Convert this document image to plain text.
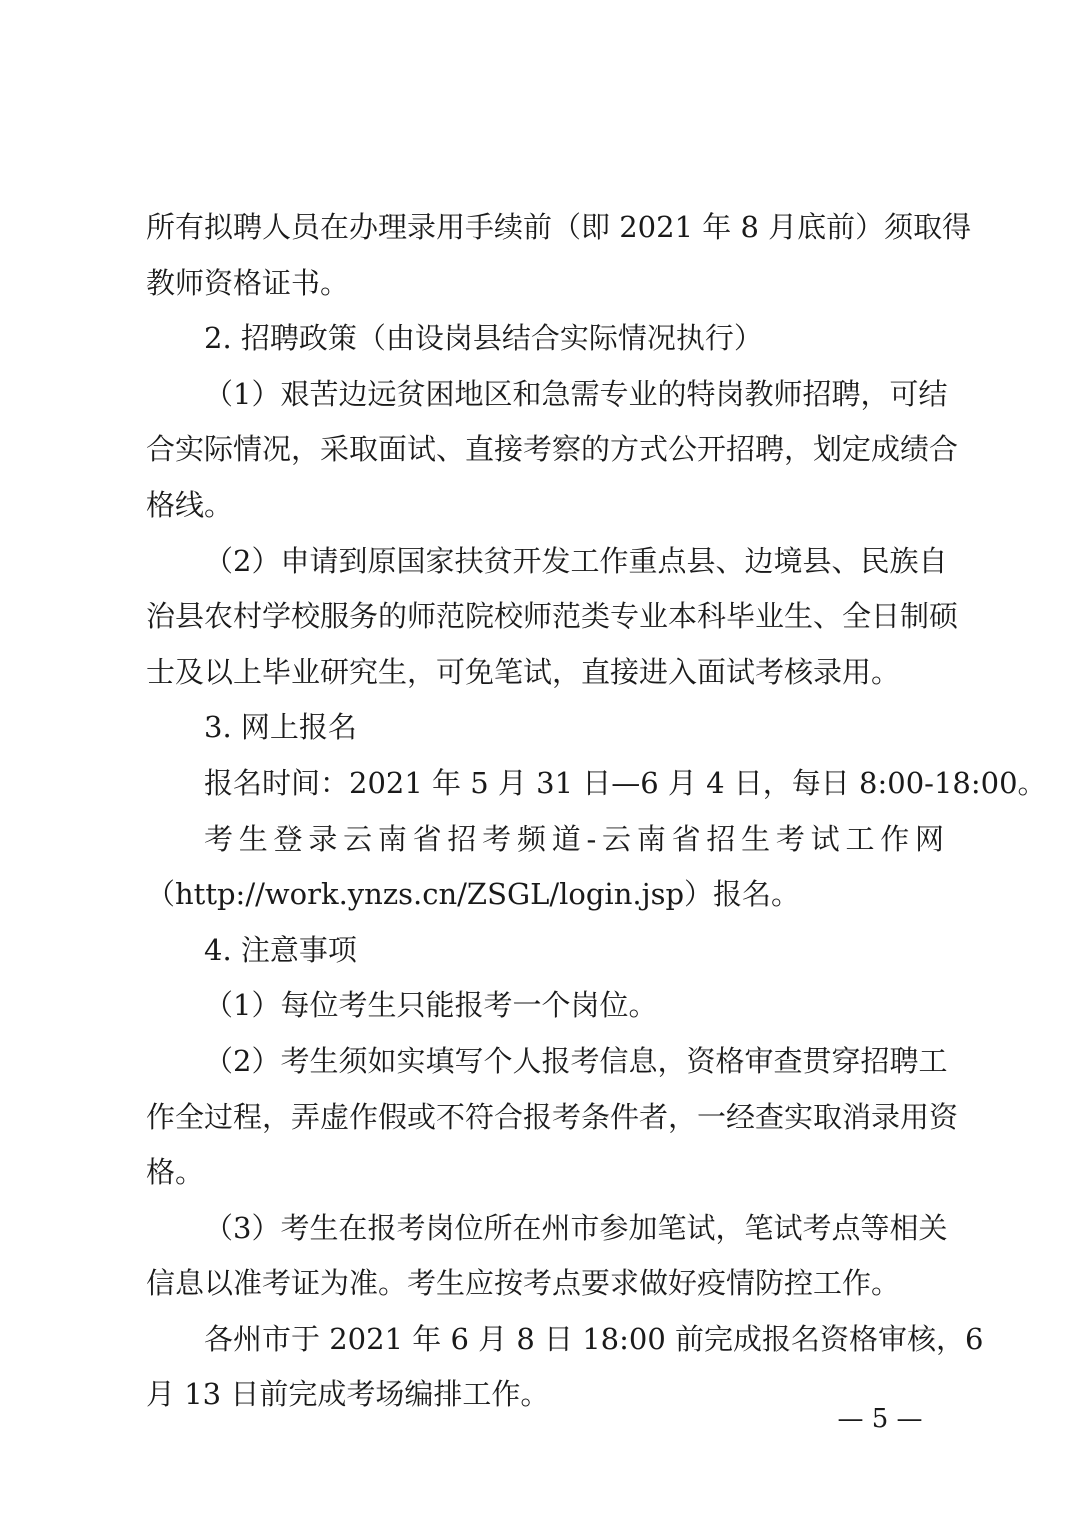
所有拟聘人员在办理录用手续前（即 2021 年 8 月底前）须取得
教师资格证书。
2. 招聘政策（由设岗县结合实际情况执行）
（1）艰苦边远贫困地区和急需专业的特岗教师招聘，可结
合实际情况，采取面试、直接考察的方式公开招聘，划定成绩合
格线。
（2）申请到原国家扶贫开发工作重点县、边境县、民族自
治县农村学校服务的师范院校师范类专业本科毕业生、全日制硕
士及以上毕业研究生，可免笔试，直接进入面试考核录用。
3. 网上报名
报名时间：2021 年 5 月 31 日—6 月 4 日，每日 8:00-18:00。
考生登录云南省招考频道-云南省招生考试工作网
（http://work.ynzs.cn/ZSGL/login.jsp）报名。
4. 注意事项
（1）每位考生只能报考一个岗位。
（2）考生须如实填写个人报考信息，资格审查贯穿招聘工
作全过程，弄虚作假或不符合报考条件者，一经查实取消录用资
格。
（3）考生在报考岗位所在州市参加笔试，笔试考点等相关
信息以准考证为准。考生应按考点要求做好疫情防控工作。
各州市于 2021 年 6 月 8 日 18:00 前完成报名资格审核，6
月 13 日前完成考场编排工作。
— 5 —
